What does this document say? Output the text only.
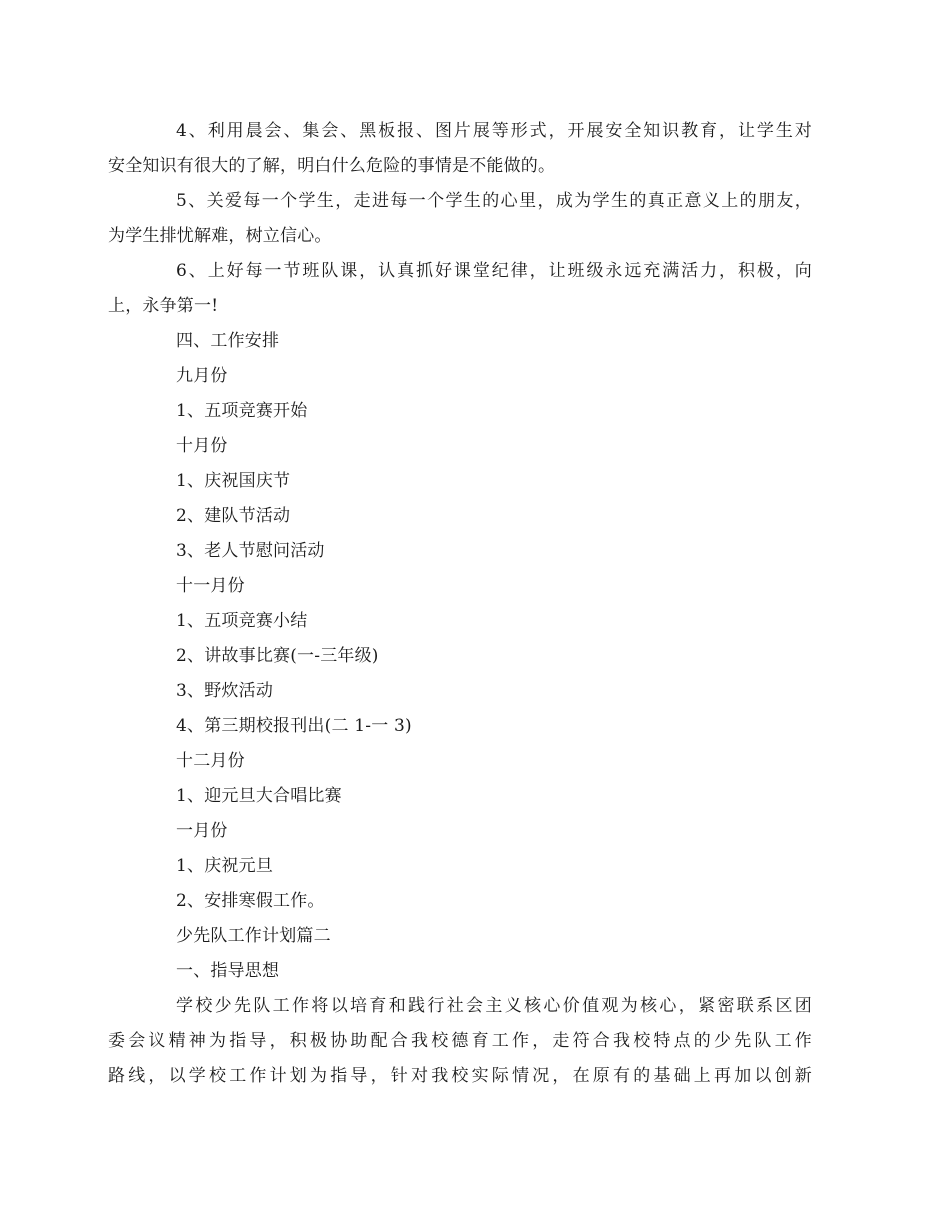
4、利用晨会、集会、黑板报、图片展等形式，开展安全知识教育，让学生对
安全知识有很大的了解，明白什么危险的事情是不能做的。

5、关爱每一个学生，走进每一个学生的心里，成为学生的真正意义上的朋友，
为学生排忧解难，树立信心。

6、上好每一节班队课，认真抓好课堂纪律，让班级永远充满活力，积极，向
上，永争第一!

四、工作安排

九月份

1、五项竞赛开始

十月份

1、庆祝国庆节

2、建队节活动

3、老人节慰问活动

十一月份

1、五项竞赛小结

2、讲故事比赛(一-三年级)

3、野炊活动

4、第三期校报刊出(二 1-一 3)

十二月份

1、迎元旦大合唱比赛

一月份

1、庆祝元旦

2、安排寒假工作。

少先队工作计划篇二

一、指导思想

学校少先队工作将以培育和践行社会主义核心价值观为核心，紧密联系区团
委会议精神为指导，积极协助配合我校德育工作，走符合我校特点的少先队工作
路线，以学校工作计划为指导，针对我校实际情况，在原有的基础上再加以创新
